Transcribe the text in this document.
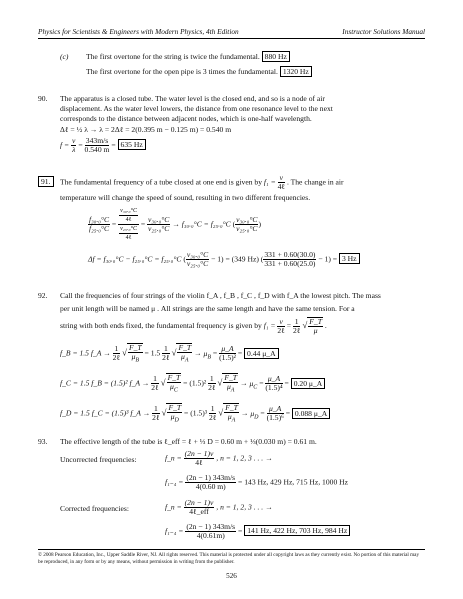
Physics for Scientists & Engineers with Modern Physics, 4th Edition	Instructor Solutions Manual
(c) The first overtone for the string is twice the fundamental. 880 Hz
The first overtone for the open pipe is 3 times the fundamental. 1320 Hz
90. The apparatus is a closed tube. The water level is the closed end, and so is a node of air
displacement. As the water level lowers, the distance from one resonance level to the next
corresponds to the distance between adjacent nodes, which is one-half wavelength.
Δℓ = ½ λ → λ = 2Δℓ = 2(0.395 m − 0.125 m) = 0.540 m
$f = \frac{v}{\lambda} = \frac{343m/s}{0.540 m} = 635$ Hz
91.	The fundamental frequency of a tube closed at one end is given by f₁ = v
4ℓ
. The change in air
temperature will change the speed of sound, resulting in two different frequencies.
$\frac{\text{f₃₀.₀°C}}{\text{f₂₅.₀°C}}$ =
v₃₀.₀°C
4ℓ
v₂₅.₀°C
4ℓ
= $\frac{\text{v₃₀.₀°C}}{\text{v₂₅.₀°C}} \to f_{30}._0^\circ C = f_{25}._0^\circ C$ ( $\frac{\text{v₃₀.₀°C}}{\text{v₂₅.₀°C}}$ )
Δf = f₃₀.₀°C − f₂₅.₀°C = f₂₅.₀°C ( $\frac{\text{v₃₀.₀°C}}{\text{v₂₅.₀°C}} - 1) = (349$ Hz) ( $\frac{331 + 0.60(30.0)}{331 + 0.60(25.0)} - 1) = 3$ Hz
92. Call the frequencies of four strings of the violin f_A , f_B , f_C , f_D with f_A the lowest pitch. The mass
per unit length will be named μ . All strings are the same length and have the same tension. For a
string with both ends fixed, the fundamental frequency is given by f₁ = v
2ℓ
= 1
2ℓ
√ $\frac{F\_T}{\mu}$ .
f_B = 1.5 f_A → 1
2ℓ
√ $\frac{F\_T}{\mu_B} = 1.5$ 1
2ℓ
√ $\frac{F\_T}{\mu_A} \to \mu_B = \frac{\mu\_A}{\text{(1.5)²}} = 0.44$ μ_A
f_C = 1.5 f_B = (1.5)² f_A → 1
2ℓ
√ $\frac{F\_T}{\mu_C} = (1.5)^2$ 1
2ℓ
√ $\frac{F\_T}{\mu_A} \to \mu_C = \frac{\mu\_A}{\text{(1.5)⁴}} = 0.20$ μ_A
f_D = 1.5 f_C = (1.5)³ f_A → 1
2ℓ
√ $\frac{F\_T}{\mu_D} = (1.5)^3$ 1
2ℓ
√ $\frac{F\_T}{\mu_A} \to \mu_D = \frac{\mu\_A}{\text{(1.5)⁶}} = 0.088$ μ_A
93. The effective length of the tube is ℓ_eff = ℓ + ⅓ D = 0.60 m + ⅓(0.030 m) = 0.61 m.
Uncorrected frequencies:	f_n = (2n − 1)v
4ℓ
, n = 1, 2, 3 . . . →
$f_{1-4} = \frac{(2n - 1) 343m/s}{4(0.60 m)} = 143$ Hz, 429 Hz, 715 Hz, 1000 Hz
Corrected frequencies:	f_n = (2n − 1)v
4ℓ_eff
, n = 1, 2, 3 . . . →
$f_{1-4} = \frac{(2n - 1) 343m/s}{4(0.61m)} = 141$ Hz, 422 Hz, 703 Hz, 984 Hz
© 2008 Pearson Education, Inc., Upper Saddle River, NJ. All rights reserved. This material is protected under all copyright laws as they currently exist. No portion of this material may be reproduced, in any form or by any means, without permission in writing from the publisher.
526
